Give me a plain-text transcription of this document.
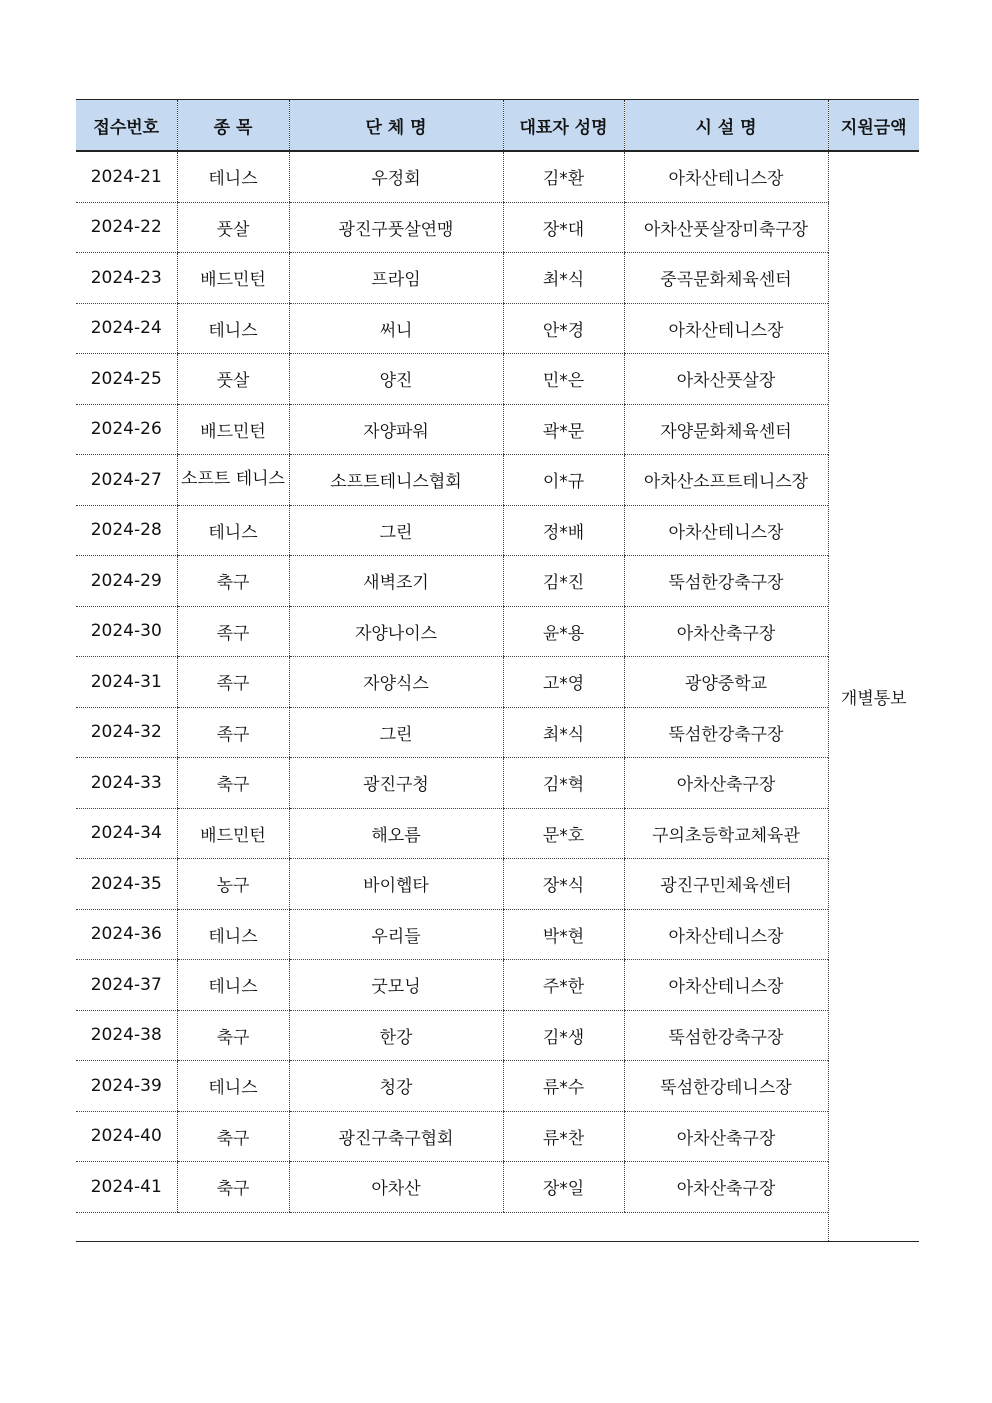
접수번호	종 목	단 체 명	대표자 성명	시 설 명	지원금액
2024-21	테니스	우정회	김*환	아차산테니스장	개별통보
2024-22	풋살	광진구풋살연맹	장*대	아차산풋살장미축구장	
2024-23	배드민턴	프라임	최*식	중곡문화체육센터	
2024-24	테니스	써니	안*경	아차산테니스장	
2024-25	풋살	양진	민*은	아차산풋살장	
2024-26	배드민턴	자양파워	곽*문	자양문화체육센터	
2024-27	소프트 테니스	소프트테니스협회	이*규	아차산소프트테니스장	
2024-28	테니스	그린	정*배	아차산테니스장	
2024-29	축구	새벽조기	김*진	뚝섬한강축구장	
2024-30	족구	자양나이스	윤*용	아차산축구장	
2024-31	족구	자양식스	고*영	광양중학교	
2024-32	족구	그린	최*식	뚝섬한강축구장	
2024-33	축구	광진구청	김*혁	아차산축구장	
2024-34	배드민턴	해오름	문*호	구의초등학교체육관	
2024-35	농구	바이헵타	장*식	광진구민체육센터	
2024-36	테니스	우리들	박*현	아차산테니스장	
2024-37	테니스	굿모닝	주*한	아차산테니스장	
2024-38	축구	한강	김*생	뚝섬한강축구장	
2024-39	테니스	청강	류*수	뚝섬한강테니스장	
2024-40	축구	광진구축구협회	류*찬	아차산축구장	
2024-41	축구	아차산	장*일	아차산축구장	
